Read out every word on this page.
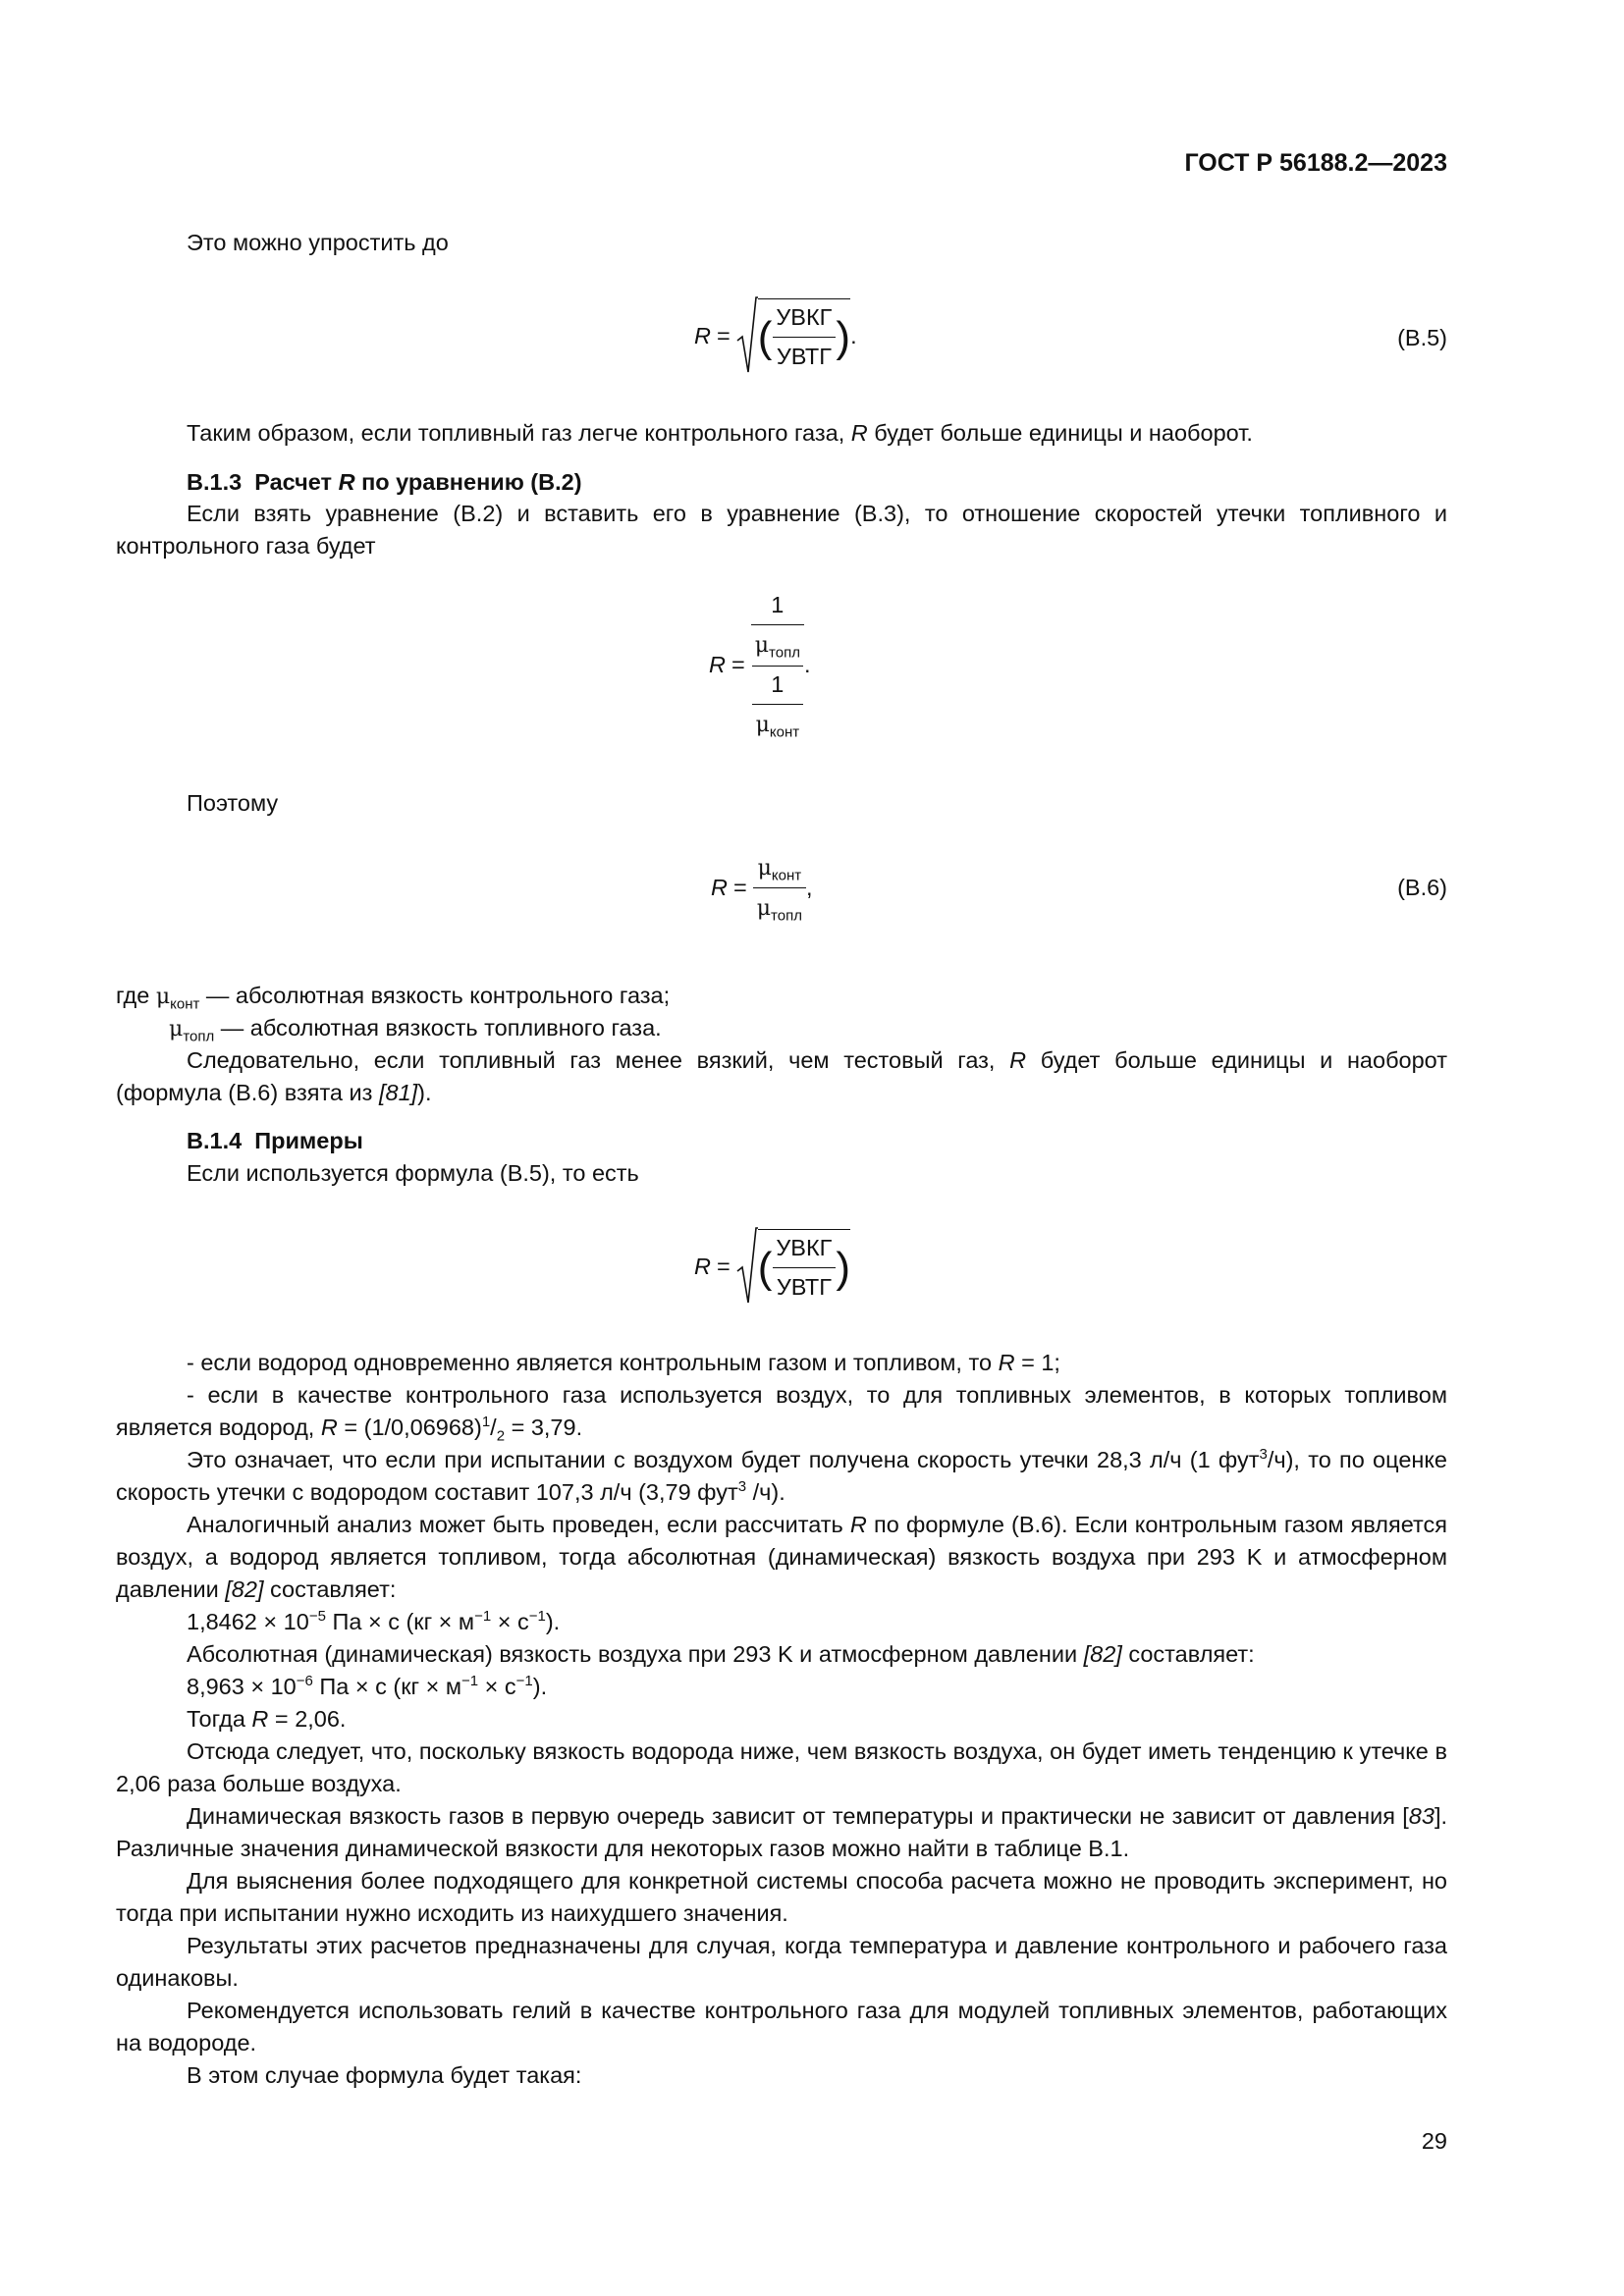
ГОСТ Р 56188.2—2023
Это можно упростить до
R = ( $\frac{\text{УВКГ}}{\text{УВТГ}}$ ) .	(B.5)
Таким образом, если топливный газ легче контрольного газа, R будет больше единицы и наоборот.
B.1.3 Расчет R по уравнению (B.2)

Если взять уравнение (B.2) и вставить его в уравнение (B.3), то отношение скоростей утечки топливного и контрольного газа будет

$R = \frac{\frac{1}{\mu_{топл}}}{\frac{1}{\mu_{конт}}}$ .
Поэтому
$R = \frac{\mu_{конт}}{\mu_{топл}}$ ,	(B.6)
где $\mu_{конт}$ — абсолютная вязкость контрольного газа;
$\mu_{топл}$ — абсолютная вязкость топливного газа.

Следовательно, если топливный газ менее вязкий, чем тестовый газ, R будет больше единицы и наоборот (формула (B.6) взята из [81]).

B.1.4 Примеры
Если используется формула (B.5), то есть
R = ( $\frac{\text{УВКГ}}{\text{УВТГ}}$ )

- если водород одновременно является контрольным газом и топливом, то R = 1;

- если в качестве контрольного газа используется воздух, то для топливных элементов, в которых топливом является водород, $R = (1/0,06968)^1/_2 = 3,79$.

Это означает, что если при испытании с воздухом будет получена скорость утечки 28,3 л/ч (1 фут$^3$/ч), то по оценке скорость утечки с водородом составит 107,3 л/ч (3,79 фут$^3$ /ч).

Аналогичный анализ может быть проведен, если рассчитать R по формуле (B.6). Если контрольным газом является воздух, а водород является топливом, тогда абсолютная (динамическая) вязкость воздуха при 293 K и атмосферном давлении [82] составляет:

$1,8462 \times 10^{-5}$ Па × с $(кг \times м^{-1} \times с^{-1})$.
Абсолютная (динамическая) вязкость воздуха при 293 K и атмосферном давлении [82] составляет:
$8,963 \times 10^{-6}$ Па × с $(кг \times м^{-1} \times с^{-1})$.
Тогда R = 2,06.

Отсюда следует, что, поскольку вязкость водорода ниже, чем вязкость воздуха, он будет иметь тенденцию к утечке в 2,06 раза больше воздуха.

Динамическая вязкость газов в первую очередь зависит от температуры и практически не зависит от давления [83]. Различные значения динамической вязкости для некоторых газов можно найти в таблице B.1.

Для выяснения более подходящего для конкретной системы способа расчета можно не проводить эксперимент, но тогда при испытании нужно исходить из наихудшего значения.

Результаты этих расчетов предназначены для случая, когда температура и давление контрольного и рабочего газа одинаковы.

Рекомендуется использовать гелий в качестве контрольного газа для модулей топливных элементов, работающих на водороде.

В этом случае формула будет такая:
29
